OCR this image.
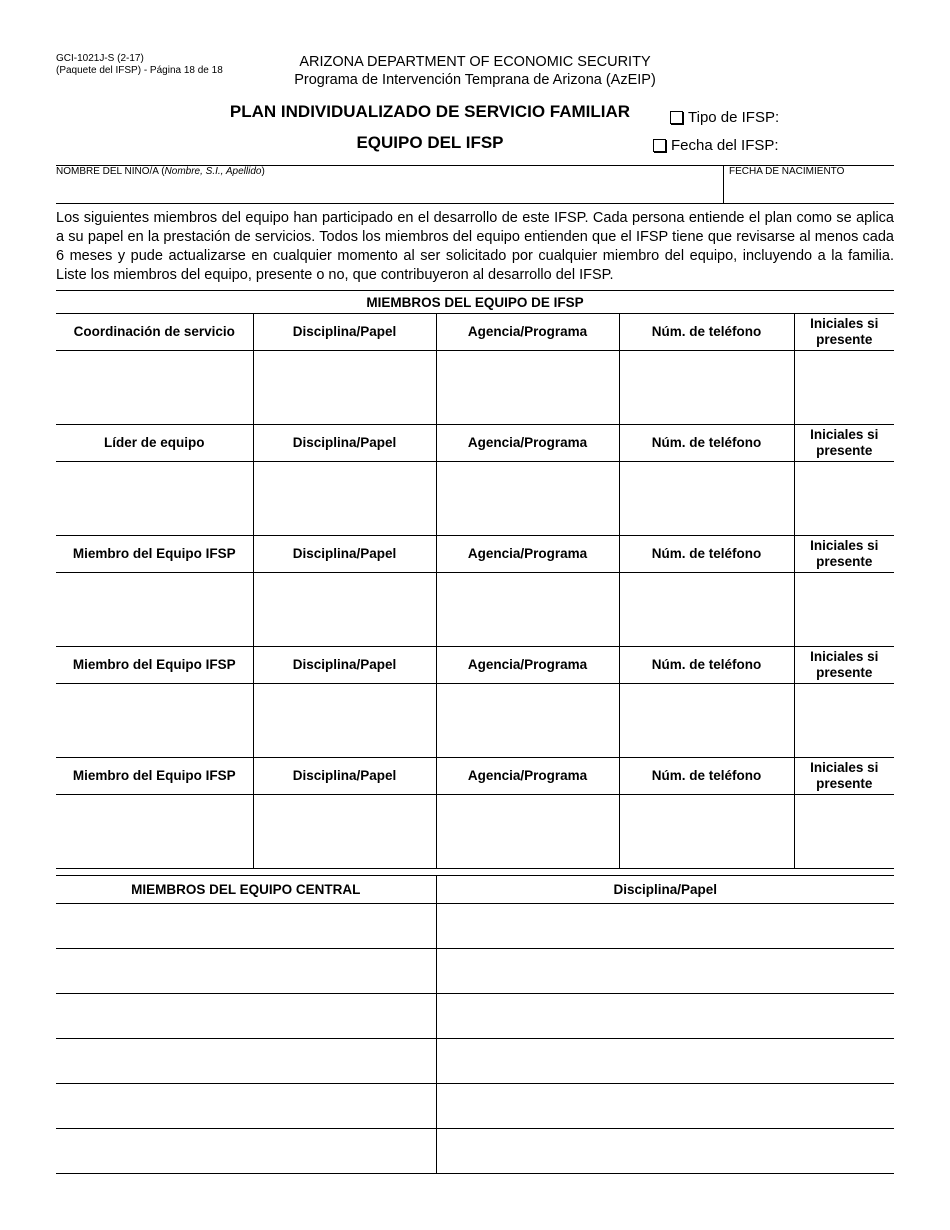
GCI-1021J-S (2-17)
(Paquete del IFSP) - Página 18 de 18
ARIZONA DEPARTMENT OF ECONOMIC SECURITY
Programa de Intervención Temprana de Arizona (AzEIP)
PLAN INDIVIDUALIZADO DE SERVICIO FAMILIAR
EQUIPO DEL IFSP
Tipo de IFSP:
Fecha del IFSP:
NOMBRE DEL NIÑO/A (Nombre, S.I., Apellido)	FECHA DE NACIMIENTO
Los siguientes miembros del equipo han participado en el desarrollo de este IFSP. Cada persona entiende el plan como se aplica a su papel en la prestación de servicios. Todos los miembros del equipo entienden que el IFSP tiene que revisarse al menos cada 6 meses y pude actualizarse en cualquier momento al ser solicitado por cualquier miembro del equipo, incluyendo a la familia. Liste los miembros del equipo, presente o no, que contribuyeron al desarrollo del IFSP.
MIEMBROS DEL EQUIPO DE IFSP				
Coordinación de servicio	Disciplina/Papel	Agencia/Programa	Núm. de teléfono	Iniciales si presente

Líder de equipo	Disciplina/Papel	Agencia/Programa	Núm. de teléfono	Iniciales si presente

Miembro del Equipo IFSP	Disciplina/Papel	Agencia/Programa	Núm. de teléfono	Iniciales si presente

Miembro del Equipo IFSP	Disciplina/Papel	Agencia/Programa	Núm. de teléfono	Iniciales si presente

Miembro del Equipo IFSP	Disciplina/Papel	Agencia/Programa	Núm. de teléfono	Iniciales si presente

MIEMBROS DEL EQUIPO CENTRAL	Disciplina/Papel
